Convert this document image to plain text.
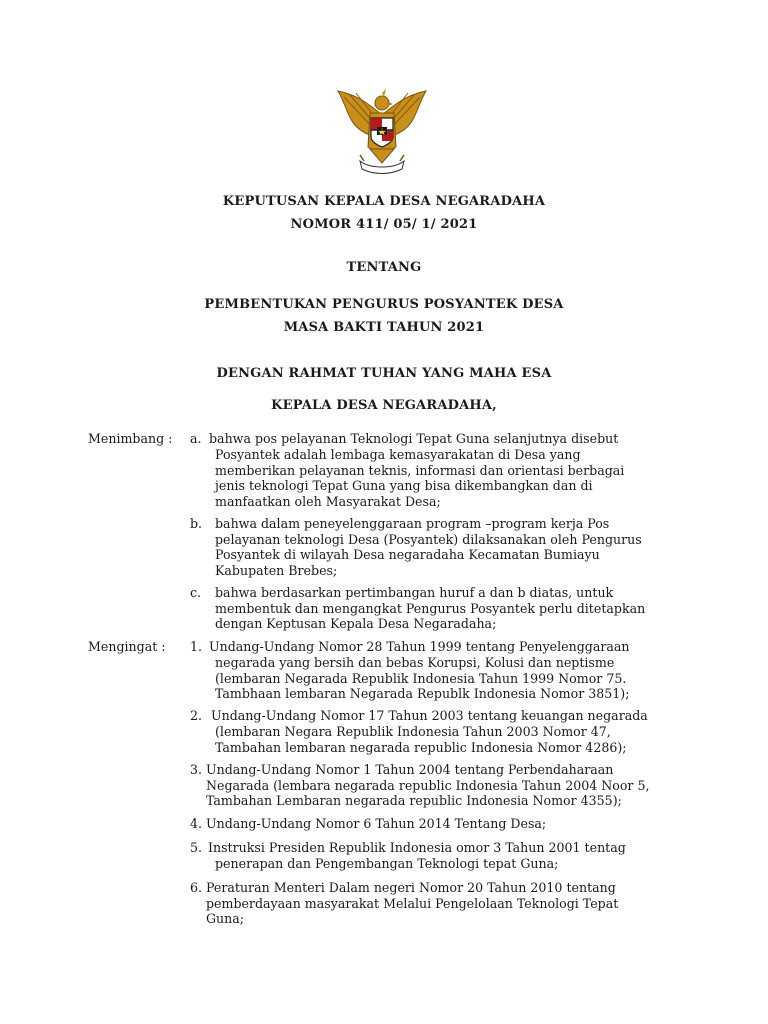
KEPUTUSAN KEPALA DESA NEGARADAHA
NOMOR 411/ 05/ 1/ 2021
TENTANG
PEMBENTUKAN PENGURUS POSYANTEK DESA
MASA BAKTI TAHUN 2021
DENGAN RAHMAT TUHAN YANG MAHA ESA
KEPALA DESA NEGARADAHA,
Menimbang : a. bahwa pos pelayanan Teknologi Tepat Guna selanjutnya disebut

Posyantek adalah lembaga kemasyarakatan di Desa yang

memberikan pelayanan teknis, informasi dan orientasi berbagai

jenis teknologi Tepat Guna yang bisa dikembangkan dan di

manfaatkan oleh Masyarakat Desa;

b. bahwa dalam peneyelenggaraan program –program kerja Pos

pelayanan teknologi Desa (Posyantek) dilaksanakan oleh Pengurus

Posyantek di wilayah Desa negaradaha Kecamatan Bumiayu

Kabupaten Brebes;

c. bahwa berdasarkan pertimbangan huruf a dan b diatas, untuk

membentuk dan mengangkat Pengurus Posyantek perlu ditetapkan

dengan Keptusan Kepala Desa Negaradaha;

Mengingat : 1. Undang-Undang Nomor 28 Tahun 1999 tentang Penyelenggaraan

negarada yang bersih dan bebas Korupsi, Kolusi dan neptisme

(lembaran Negarada Republik Indonesia Tahun 1999 Nomor 75.

Tambhaan lembaran Negarada Republk Indonesia Nomor 3851);

2. Undang-Undang Nomor 17 Tahun 2003 tentang keuangan negarada

(lembaran Negara Republik Indonesia Tahun 2003 Nomor 47,

Tambahan lembaran negarada republic Indonesia Nomor 4286);

3. Undang-Undang Nomor 1 Tahun 2004 tentang Perbendaharaan

Negarada (lembara negarada republic Indonesia Tahun 2004 Noor 5,

Tambahan Lembaran negarada republic Indonesia Nomor 4355);

4. Undang-Undang Nomor 6 Tahun 2014 Tentang Desa;

5. Instruksi Presiden Republik Indonesia omor 3 Tahun 2001 tentag

penerapan dan Pengembangan Teknologi tepat Guna;

6. Peraturan Menteri Dalam negeri Nomor 20 Tahun 2010 tentang

pemberdayaan masyarakat Melalui Pengelolaan Teknologi Tepat

Guna;
